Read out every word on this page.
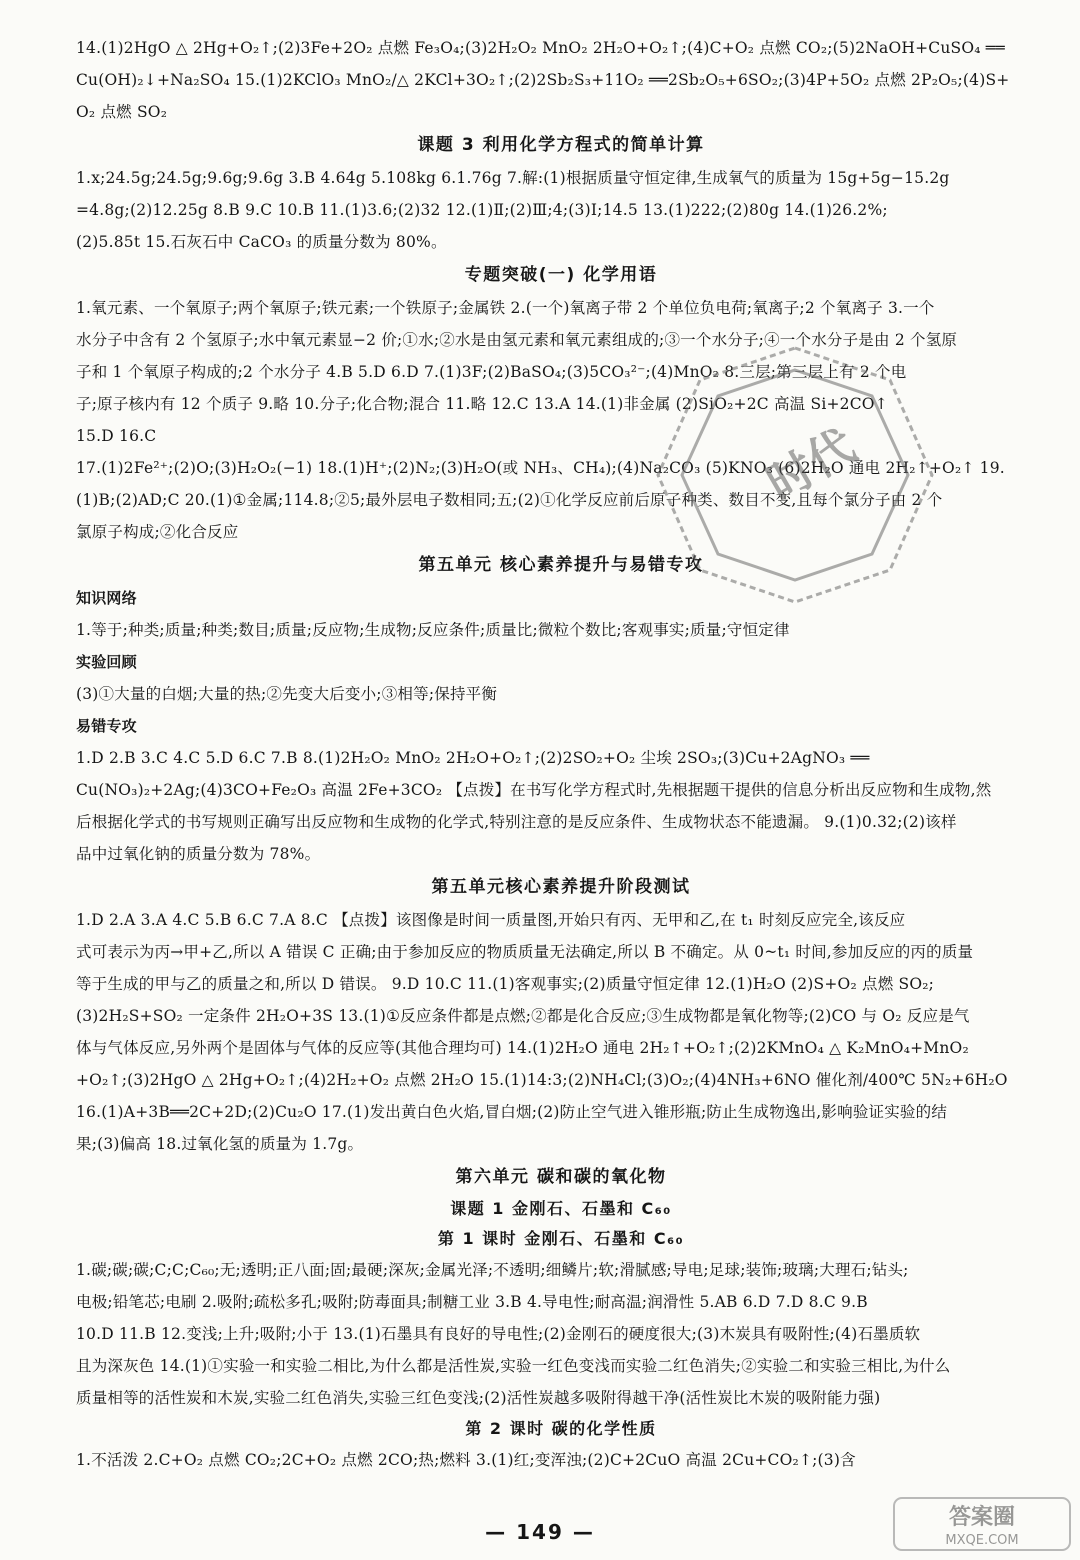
14.(1)2HgO △ 2Hg+O₂↑;(2)3Fe+2O₂ 点燃 Fe₃O₄;(3)2H₂O₂ MnO₂ 2H₂O+O₂↑;(4)C+O₂ 点燃 CO₂;(5)2NaOH+CuSO₄ ══
Cu(OH)₂↓+Na₂SO₄ 15.(1)2KClO₃ MnO₂/△ 2KCl+3O₂↑;(2)2Sb₂S₃+11O₂ ══2Sb₂O₅+6SO₂;(3)4P+5O₂ 点燃 2P₂O₅;(4)S+
O₂ 点燃 SO₂
课题 3 利用化学方程式的简单计算
1.x;24.5g;24.5g;9.6g;9.6g 3.B 4.64g 5.108kg 6.1.76g 7.解:(1)根据质量守恒定律,生成氧气的质量为 15g+5g−15.2g
=4.8g;(2)12.25g 8.B 9.C 10.B 11.(1)3.6;(2)32 12.(1)Ⅱ;(2)Ⅲ;4;(3)Ⅰ;14.5 13.(1)222;(2)80g 14.(1)26.2%;
(2)5.85t 15.石灰石中 CaCO₃ 的质量分数为 80%。
专题突破(一) 化学用语
1.氧元素、一个氧原子;两个氧原子;铁元素;一个铁原子;金属铁 2.(一个)氧离子带 2 个单位负电荷;氧离子;2 个氧离子 3.一个
水分子中含有 2 个氢原子;水中氧元素显−2 价;①水;②水是由氢元素和氧元素组成的;③一个水分子;④一个水分子是由 2 个氢原
子和 1 个氧原子构成的;2 个水分子 4.B 5.D 6.D 7.(1)3F;(2)BaSO₄;(3)5CO₃²⁻;(4)MnO₂ 8.三层;第三层上有 2 个电
子;原子核内有 12 个质子 9.略 10.分子;化合物;混合 11.略 12.C 13.A 14.(1)非金属 (2)SiO₂+2C 高温 Si+2CO↑
15.D 16.C
17.(1)2Fe²⁺;(2)O;(3)H₂O₂(−1) 18.(1)H⁺;(2)N₂;(3)H₂O(或 NH₃、CH₄);(4)Na₂CO₃ (5)KNO₃ (6)2H₂O 通电 2H₂↑+O₂↑ 19.
(1)B;(2)AD;C 20.(1)①金属;114.8;②5;最外层电子数相同;五;(2)①化学反应前后原子种类、数目不变,且每个氯分子由 2 个
氯原子构成;②化合反应
第五单元 核心素养提升与易错专攻
知识网络
1.等于;种类;质量;种类;数目;质量;反应物;生成物;反应条件;质量比;微粒个数比;客观事实;质量;守恒定律
实验回顾
(3)①大量的白烟;大量的热;②先变大后变小;③相等;保持平衡
易错专攻
1.D 2.B 3.C 4.C 5.D 6.C 7.B 8.(1)2H₂O₂ MnO₂ 2H₂O+O₂↑;(2)2SO₂+O₂ 尘埃 2SO₃;(3)Cu+2AgNO₃ ══
Cu(NO₃)₂+2Ag;(4)3CO+Fe₂O₃ 高温 2Fe+3CO₂ 【点拨】在书写化学方程式时,先根据题干提供的信息分析出反应物和生成物,然
后根据化学式的书写规则正确写出反应物和生成物的化学式,特别注意的是反应条件、生成物状态不能遗漏。 9.(1)0.32;(2)该样
品中过氧化钠的质量分数为 78%。
第五单元核心素养提升阶段测试
1.D 2.A 3.A 4.C 5.B 6.C 7.A 8.C 【点拨】该图像是时间一质量图,开始只有丙、无甲和乙,在 t₁ 时刻反应完全,该反应
式可表示为丙→甲+乙,所以 A 错误 C 正确;由于参加反应的物质质量无法确定,所以 B 不确定。从 0~t₁ 时间,参加反应的丙的质量
等于生成的甲与乙的质量之和,所以 D 错误。 9.D 10.C 11.(1)客观事实;(2)质量守恒定律 12.(1)H₂O (2)S+O₂ 点燃 SO₂;
(3)2H₂S+SO₂ 一定条件 2H₂O+3S 13.(1)①反应条件都是点燃;②都是化合反应;③生成物都是氧化物等;(2)CO 与 O₂ 反应是气
体与气体反应,另外两个是固体与气体的反应等(其他合理均可) 14.(1)2H₂O 通电 2H₂↑+O₂↑;(2)2KMnO₄ △ K₂MnO₄+MnO₂
+O₂↑;(3)2HgO △ 2Hg+O₂↑;(4)2H₂+O₂ 点燃 2H₂O 15.(1)14:3;(2)NH₄Cl;(3)O₂;(4)4NH₃+6NO 催化剂/400℃ 5N₂+6H₂O
16.(1)A+3B══2C+2D;(2)Cu₂O 17.(1)发出黄白色火焰,冒白烟;(2)防止空气进入锥形瓶;防止生成物逸出,影响验证实验的结
果;(3)偏高 18.过氧化氢的质量为 1.7g。
第六单元 碳和碳的氧化物
课题 1 金刚石、石墨和 C₆₀
第 1 课时 金刚石、石墨和 C₆₀
1.碳;碳;碳;C;C;C₆₀;无;透明;正八面;固;最硬;深灰;金属光泽;不透明;细鳞片;软;滑腻感;导电;足球;装饰;玻璃;大理石;钻头;
电极;铅笔芯;电刷 2.吸附;疏松多孔;吸附;防毒面具;制糖工业 3.B 4.导电性;耐高温;润滑性 5.AB 6.D 7.D 8.C 9.B
10.D 11.B 12.变浅;上升;吸附;小于 13.(1)石墨具有良好的导电性;(2)金刚石的硬度很大;(3)木炭具有吸附性;(4)石墨质软
且为深灰色 14.(1)①实验一和实验二相比,为什么都是活性炭,实验一红色变浅而实验二红色消失;②实验二和实验三相比,为什么
质量相等的活性炭和木炭,实验二红色消失,实验三红色变浅;(2)活性炭越多吸附得越干净(活性炭比木炭的吸附能力强)
第 2 课时 碳的化学性质
1.不活泼 2.C+O₂ 点燃 CO₂;2C+O₂ 点燃 2CO;热;燃料 3.(1)红;变浑浊;(2)C+2CuO 高温 2Cu+CO₂↑;(3)含
— 149 —
时代
答案圈
MXQE.COM
